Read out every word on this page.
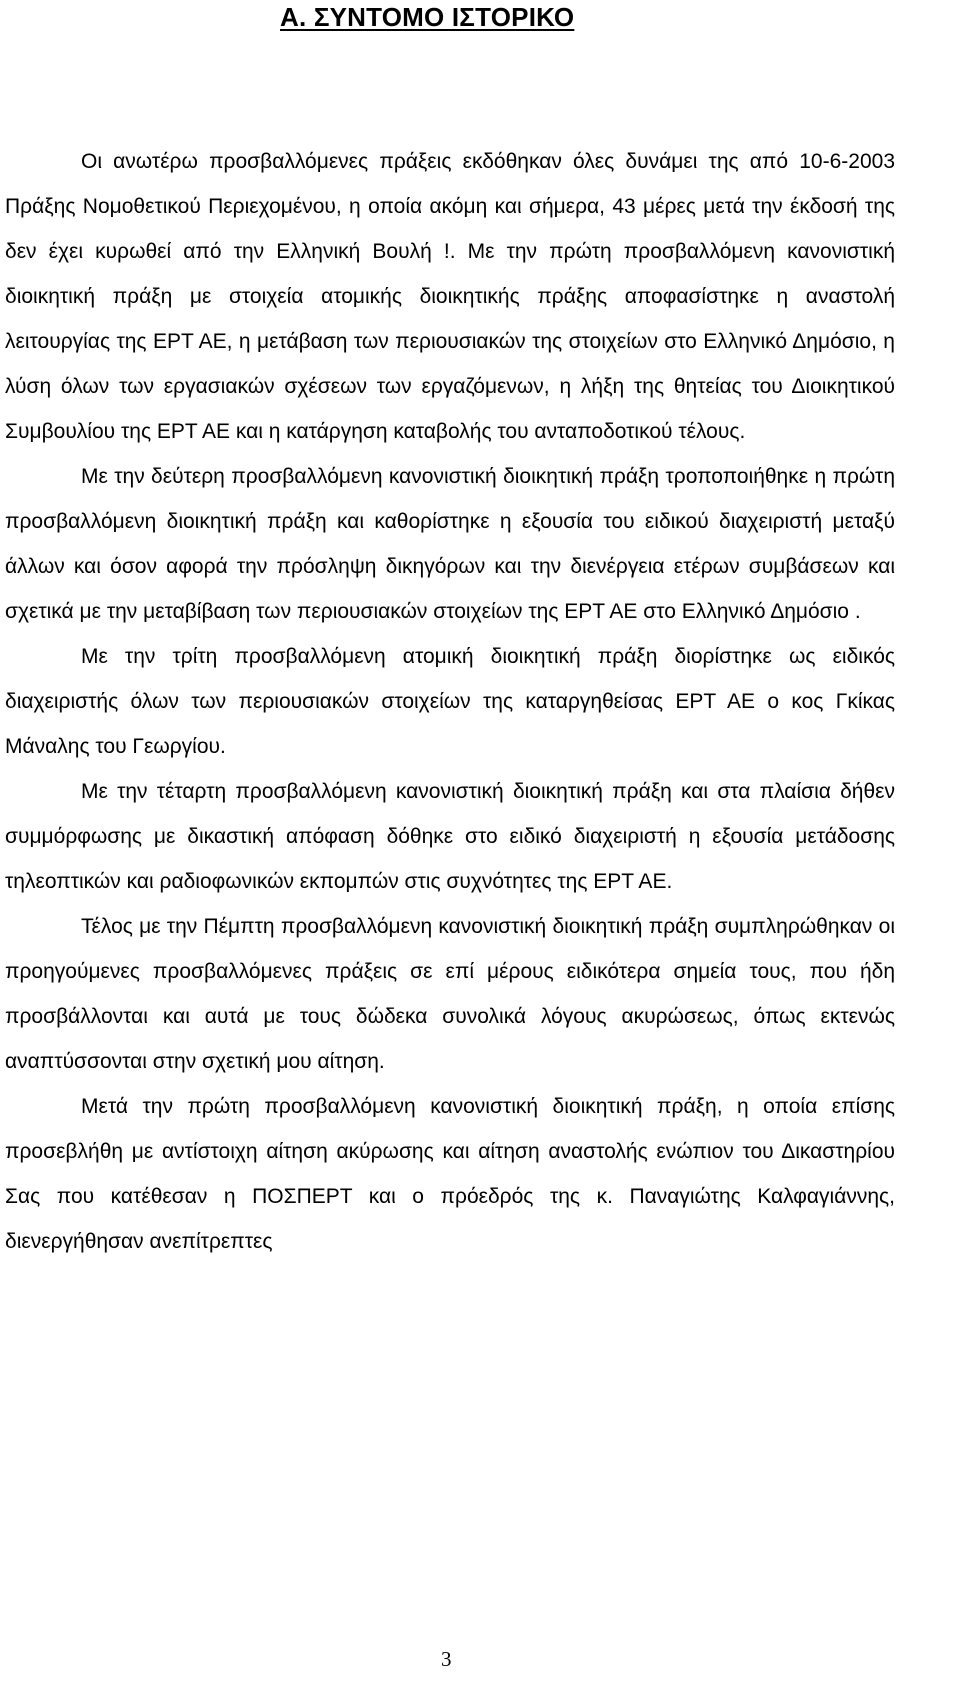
Α. ΣΥΝΤΟΜΟ ΙΣΤΟΡΙΚΟ

Οι ανωτέρω προσβαλλόμενες πράξεις εκδόθηκαν όλες δυνάμει της από 10-6-2003 Πράξης Νομοθετικού Περιεχομένου, η οποία ακόμη και σήμερα, 43 μέρες μετά την έκδοσή της δεν έχει κυρωθεί από την Ελληνική Βουλή !. Με την πρώτη προσβαλλόμενη κανονιστική διοικητική πράξη με στοιχεία ατομικής διοικητικής πράξης αποφασίστηκε η αναστολή λειτουργίας της ΕΡΤ ΑΕ, η μετάβαση των περιουσιακών της στοιχείων στο Ελληνικό Δημόσιο, η λύση όλων των εργασιακών σχέσεων των εργαζόμενων, η λήξη της θητείας του Διοικητικού Συμβουλίου της ΕΡΤ ΑΕ και η κατάργηση καταβολής του ανταποδοτικού τέλους.

Με την δεύτερη προσβαλλόμενη κανονιστική διοικητική πράξη τροποποιήθηκε η πρώτη προσβαλλόμενη διοικητική πράξη και καθορίστηκε η εξουσία του ειδικού διαχειριστή μεταξύ άλλων και όσον αφορά την πρόσληψη δικηγόρων και την διενέργεια ετέρων συμβάσεων και σχετικά με την μεταβίβαση των περιουσιακών στοιχείων της ΕΡΤ ΑΕ στο Ελληνικό Δημόσιο .

Με την τρίτη προσβαλλόμενη ατομική διοικητική πράξη διορίστηκε ως ειδικός διαχειριστής όλων των περιουσιακών στοιχείων της καταργηθείσας ΕΡΤ ΑΕ ο κος Γκίκας Μάναλης του Γεωργίου.

Με την τέταρτη προσβαλλόμενη κανονιστική διοικητική πράξη και στα πλαίσια δήθεν συμμόρφωσης με δικαστική απόφαση δόθηκε στο ειδικό διαχειριστή η εξουσία μετάδοσης τηλεοπτικών και ραδιοφωνικών εκπομπών στις συχνότητες της ΕΡΤ ΑΕ.

Τέλος με την Πέμπτη προσβαλλόμενη κανονιστική διοικητική πράξη συμπληρώθηκαν οι προηγούμενες προσβαλλόμενες πράξεις σε επί μέρους ειδικότερα σημεία τους, που ήδη προσβάλλονται και αυτά με τους δώδεκα συνολικά λόγους ακυρώσεως, όπως εκτενώς αναπτύσσονται στην σχετική μου αίτηση.

Μετά την πρώτη προσβαλλόμενη κανονιστική διοικητική πράξη, η οποία επίσης προσεβλήθη με αντίστοιχη αίτηση ακύρωσης και αίτηση αναστολής ενώπιον του Δικαστηρίου Σας που κατέθεσαν η ΠΟΣΠΕΡΤ και ο πρόεδρός της κ. Παναγιώτης Καλφαγιάννης, διενεργήθησαν ανεπίτρεπτες

3
